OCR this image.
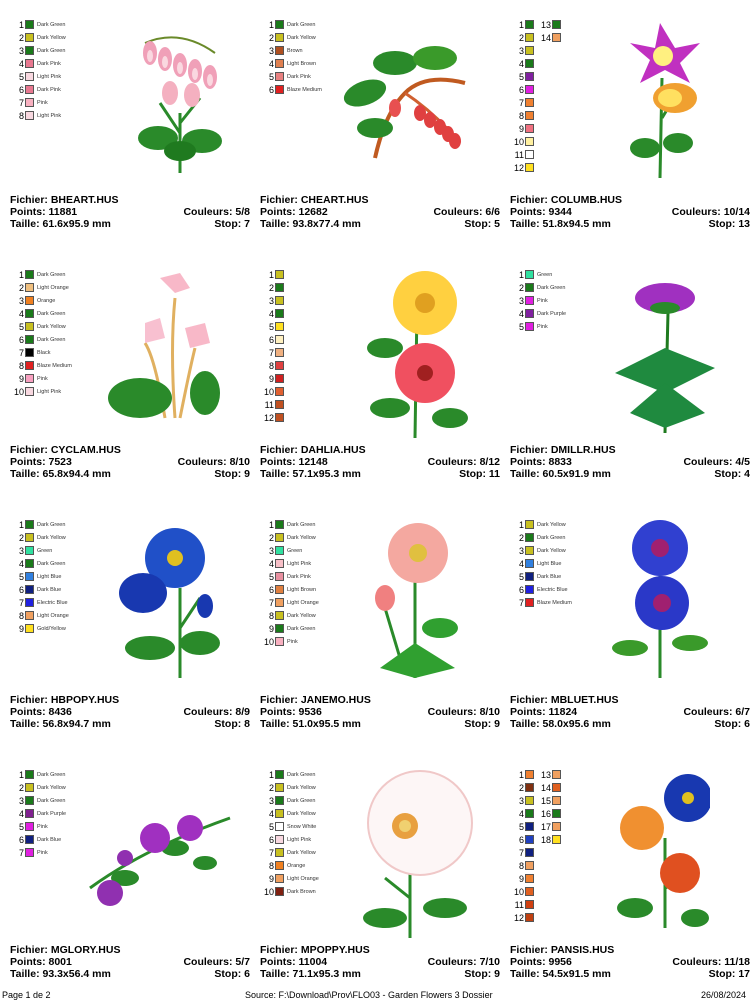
1 Dark Green
2 Dark Yellow
3 Dark Green
4 Dark Pink
5 Light Pink
6 Dark Pink
7 Pink
8 Light Pink
Fichier: BHEART.HUS
Points: 11881	Couleurs: 5/8
Taille: 61.6x95.9 mm	Stop: 7
1 Dark Green
2 Dark Yellow
3 Brown
4 Light Brown
5 Dark Pink
6 Blaze Medium
Fichier: CHEART.HUS
Points: 12682	Couleurs: 6/6
Taille: 93.8x77.4 mm	Stop: 5
1
2
3
4
5
6
7
8
9
10
11
12
13
14
Fichier: COLUMB.HUS
Points: 9344	Couleurs: 10/14
Taille: 51.8x94.5 mm	Stop: 13
1 Dark Green
2 Light Orange
3 Orange
4 Dark Green
5 Dark Yellow
6 Dark Green
7 Black
8 Blaze Medium
9 Pink
10 Light Pink
Fichier: CYCLAM.HUS
Points: 7523	Couleurs: 8/10
Taille: 65.8x94.4 mm	Stop: 9
1
2
3
4
5
6
7
8
9
10
11
12
Fichier: DAHLIA.HUS
Points: 12148	Couleurs: 8/12
Taille: 57.1x95.3 mm	Stop: 11
1 Green
2 Dark Green
3 Pink
4 Dark Purple
5 Pink
Fichier: DMILLR.HUS
Points: 8833	Couleurs: 4/5
Taille: 60.5x91.9 mm	Stop: 4
1 Dark Green
2 Dark Yellow
3 Green
4 Dark Green
5 Light Blue
6 Dark Blue
7 Electric Blue
8 Light Orange
9 Gold/Yellow
Fichier: HBPOPY.HUS
Points: 8436	Couleurs: 8/9
Taille: 56.8x94.7 mm	Stop: 8
1 Dark Green
2 Dark Yellow
3 Green
4 Light Pink
5 Dark Pink
6 Light Brown
7 Light Orange
8 Dark Yellow
9 Dark Green
10 Pink
Fichier: JANEMO.HUS
Points: 9536	Couleurs: 8/10
Taille: 51.0x95.5 mm	Stop: 9
1 Dark Yellow
2 Dark Green
3 Dark Yellow
4 Light Blue
5 Dark Blue
6 Electric Blue
7 Blaze Medium
Fichier: MBLUET.HUS
Points: 11824	Couleurs: 6/7
Taille: 58.0x95.6 mm	Stop: 6
1 Dark Green
2 Dark Yellow
3 Dark Green
4 Dark Purple
5 Pink
6 Dark Blue
7 Pink
Fichier: MGLORY.HUS
Points: 8001	Couleurs: 5/7
Taille: 93.3x56.4 mm	Stop: 6
1 Dark Green
2 Dark Yellow
3 Dark Green
4 Dark Yellow
5 Snow White
6 Light Pink
7 Dark Yellow
8 Orange
9 Light Orange
10 Dark Brown
Fichier: MPOPPY.HUS
Points: 11004	Couleurs: 7/10
Taille: 71.1x95.3 mm	Stop: 9
1
2
3
4
5
6
7
8
9
10
11
12
13
14
15
16
17
18
Fichier: PANSIS.HUS
Points: 9956	Couleurs: 11/18
Taille: 54.5x91.5 mm	Stop: 17
Page 1 de 2	Source: F:\Download\Prov\FLO03 - Garden Flowers 3 Dossier	26/08/2024
